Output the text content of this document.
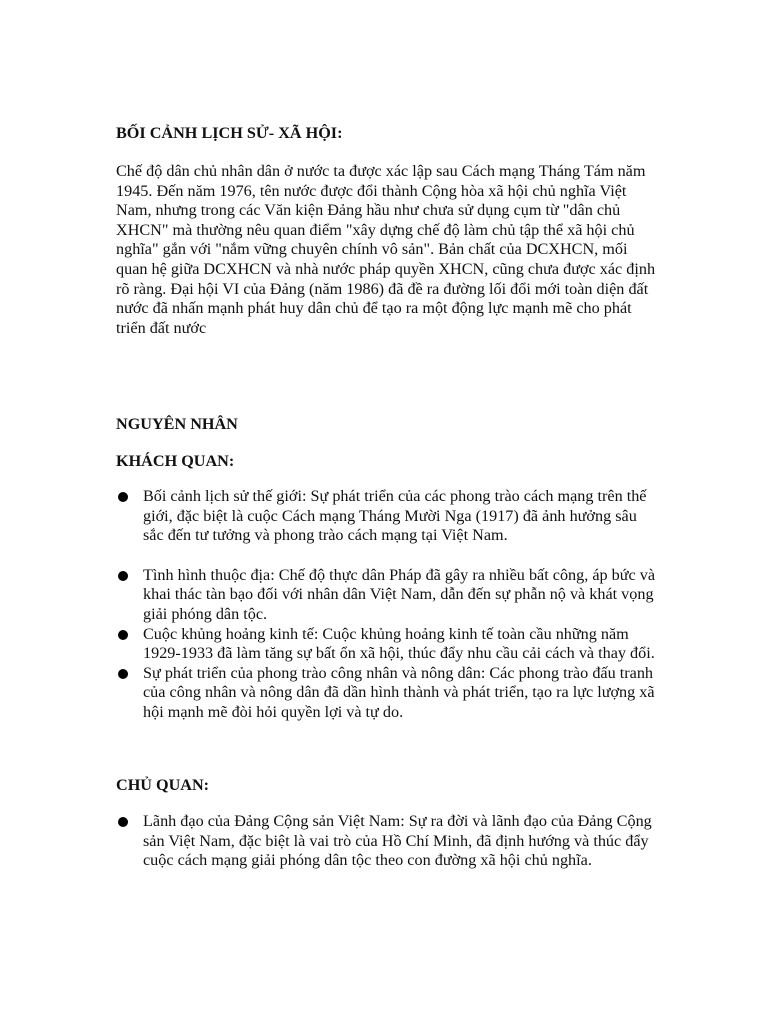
BỐI CẢNH LỊCH SỬ- XÃ HỘI:

Chế độ dân chủ nhân dân ở nước ta được xác lập sau Cách mạng Tháng Tám năm 1945. Đến năm 1976, tên nước được đổi thành Cộng hòa xã hội chủ nghĩa Việt Nam, nhưng trong các Văn kiện Đảng hầu như chưa sử dụng cụm từ "dân chủ XHCN" mà thường nêu quan điểm "xây dựng chế độ làm chủ tập thể xã hội chủ nghĩa" gắn với "nắm vững chuyên chính vô sản". Bản chất của DCXHCN, mối quan hệ giữa DCXHCN và nhà nước pháp quyền XHCN, cũng chưa được xác định rõ ràng. Đại hội VI của Đảng (năm 1986) đã đề ra đường lối đổi mới toàn diện đất nước đã nhấn mạnh phát huy dân chủ để tạo ra một động lực mạnh mẽ cho phát triển đất nước

NGUYÊN NHÂN
KHÁCH QUAN:
Bối cảnh lịch sử thế giới: Sự phát triển của các phong trào cách mạng trên thế giới, đặc biệt là cuộc Cách mạng Tháng Mười Nga (1917) đã ảnh hưởng sâu sắc đến tư tưởng và phong trào cách mạng tại Việt Nam.
Tình hình thuộc địa: Chế độ thực dân Pháp đã gây ra nhiều bất công, áp bức và khai thác tàn bạo đối với nhân dân Việt Nam, dẫn đến sự phẫn nộ và khát vọng giải phóng dân tộc.
Cuộc khủng hoảng kinh tế: Cuộc khủng hoảng kinh tế toàn cầu những năm 1929-1933 đã làm tăng sự bất ổn xã hội, thúc đẩy nhu cầu cải cách và thay đổi.
Sự phát triển của phong trào công nhân và nông dân: Các phong trào đấu tranh của công nhân và nông dân đã dần hình thành và phát triển, tạo ra lực lượng xã hội mạnh mẽ đòi hỏi quyền lợi và tự do.
CHỦ QUAN:
Lãnh đạo của Đảng Cộng sản Việt Nam: Sự ra đời và lãnh đạo của Đảng Cộng sản Việt Nam, đặc biệt là vai trò của Hồ Chí Minh, đã định hướng và thúc đẩy cuộc cách mạng giải phóng dân tộc theo con đường xã hội chủ nghĩa.
